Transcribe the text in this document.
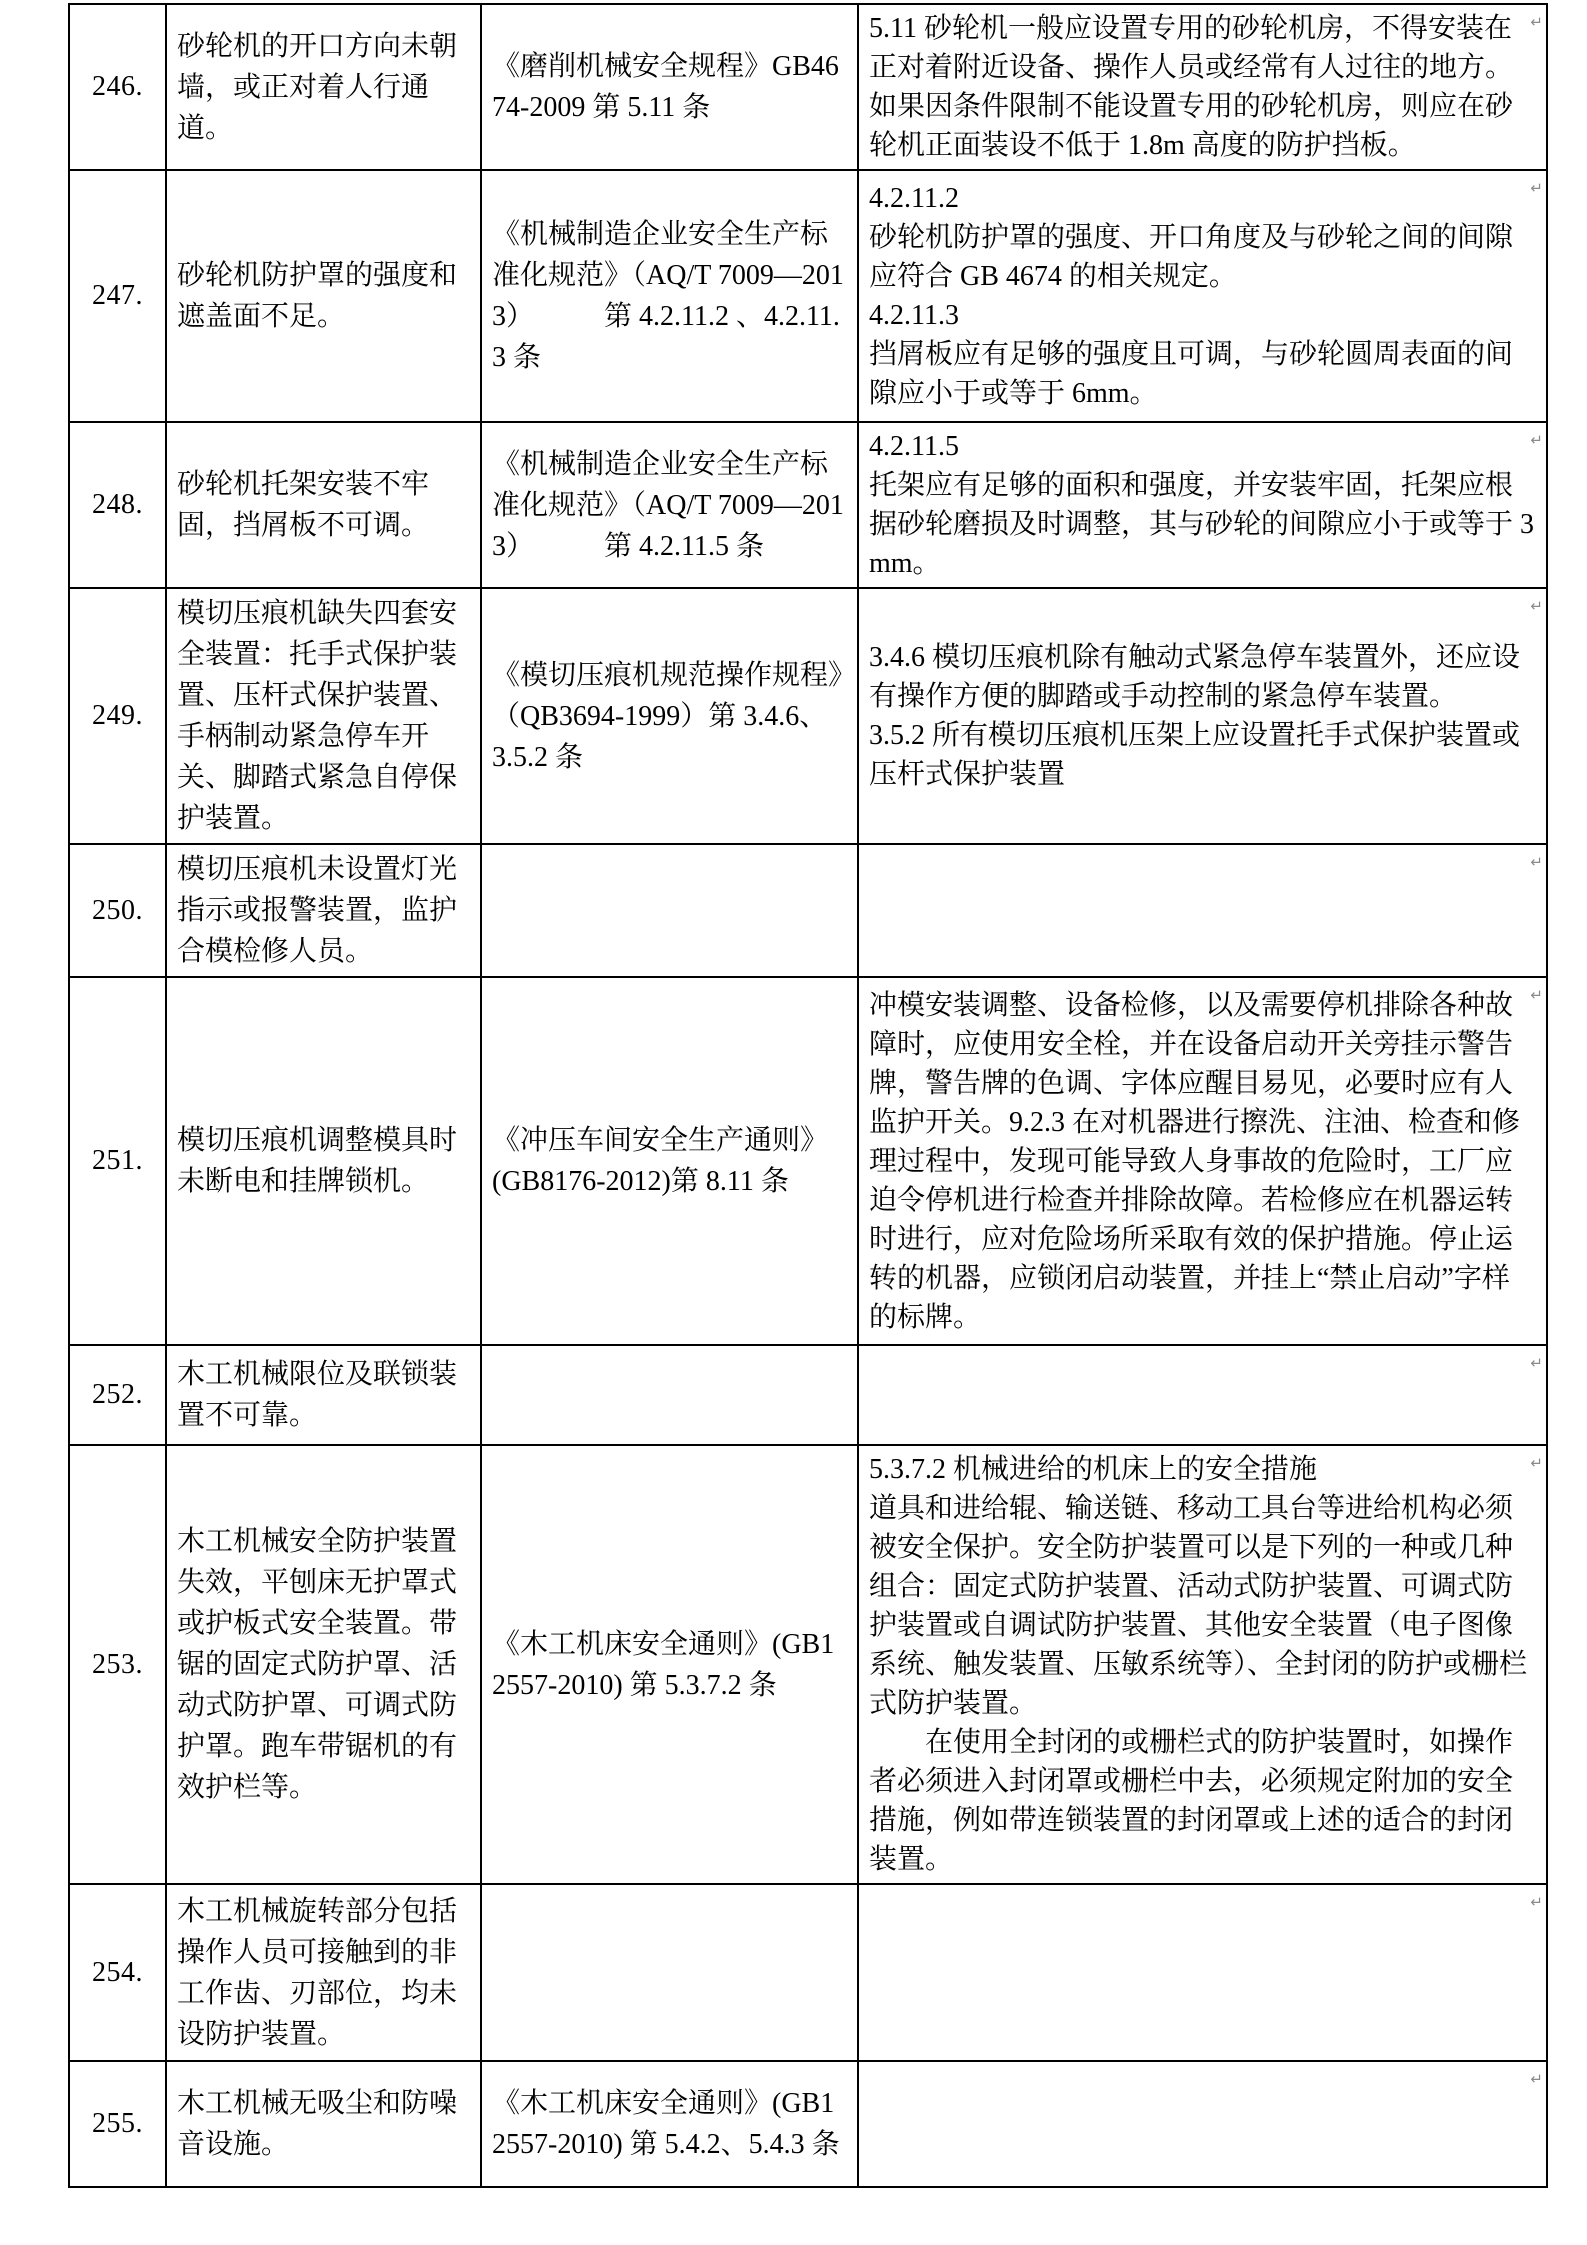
246.	砂轮机的开口方向未朝墙，或正对着人行通道。	《磨削机械安全规程》GB4674-2009 第 5.11 条	5.11 砂轮机一般应设置专用的砂轮机房，不得安装在正对着附近设备、操作人员或经常有人过往的地方。如果因条件限制不能设置专用的砂轮机房，则应在砂轮机正面装设不低于 1.8m 高度的防护挡板。
↵

247.	砂轮机防护罩的强度和遮盖面不足。	《机械制造企业安全生产标准化规范》（AQ/T 7009—2013）　　　第 4.2.11.2 、4.2.11.3 条	4.2.11.2
砂轮机防护罩的强度、开口角度及与砂轮之间的间隙应符合 GB 4674 的相关规定。
4.2.11.3
挡屑板应有足够的强度且可调，与砂轮圆周表面的间隙应小于或等于 6mm。
↵

248.	砂轮机托架安装不牢固，挡屑板不可调。	《机械制造企业安全生产标准化规范》（AQ/T 7009—2013）　　　第 4.2.11.5 条	4.2.11.5
托架应有足够的面积和强度，并安装牢固，托架应根据砂轮磨损及时调整，其与砂轮的间隙应小于或等于 3mm。
↵

249.	模切压痕机缺失四套安全装置：托手式保护装置、压杆式保护装置、手柄制动紧急停车开关、脚踏式紧急自停保护装置。	《模切压痕机规范操作规程》（QB3694-1999）第 3.4.6、3.5.2 条	3.4.6 模切压痕机除有触动式紧急停车装置外，还应设有操作方便的脚踏或手动控制的紧急停车装置。
3.5.2 所有模切压痕机压架上应设置托手式保护装置或压杆式保护装置
↵

250.	模切压痕机未设置灯光指示或报警装置，监护合模检修人员。		↵

251.	模切压痕机调整模具时未断电和挂牌锁机。	《冲压车间安全生产通则》(GB8176-2012)第 8.11 条	冲模安装调整、设备检修，以及需要停机排除各种故障时，应使用安全栓，并在设备启动开关旁挂示警告牌，警告牌的色调、字体应醒目易见，必要时应有人监护开关。9.2.3 在对机器进行擦洗、注油、检查和修理过程中，发现可能导致人身事故的危险时，工厂应迫令停机进行检查并排除故障。若检修应在机器运转时进行，应对危险场所采取有效的保护措施。停止运转的机器，应锁闭启动装置，并挂上“禁止启动”字样的标牌。
↵

252.	木工机械限位及联锁装置不可靠。		↵

253.	木工机械安全防护装置失效，平刨床无护罩式或护板式安全装置。带锯的固定式防护罩、活动式防护罩、可调式防护罩。跑车带锯机的有效护栏等。	《木工机床安全通则》(GB12557-2010) 第 5.3.7.2 条	5.3.7.2 机械进给的机床上的安全措施
道具和进给辊、输送链、移动工具台等进给机构必须被安全保护。安全防护装置可以是下列的一种或几种组合：固定式防护装置、活动式防护装置、可调式防护装置或自调试防护装置、其他安全装置（电子图像系统、触发装置、压敏系统等）、全封闭的防护或栅栏式防护装置。
　　在使用全封闭的或栅栏式的防护装置时，如操作者必须进入封闭罩或栅栏中去，必须规定附加的安全措施，例如带连锁装置的封闭罩或上述的适合的封闭装置。
↵

254.	木工机械旋转部分包括操作人员可接触到的非工作齿、刃部位，均未设防护装置。		↵

255.	木工机械无吸尘和防噪音设施。	《木工机床安全通则》(GB12557-2010) 第 5.4.2、5.4.3 条	↵
